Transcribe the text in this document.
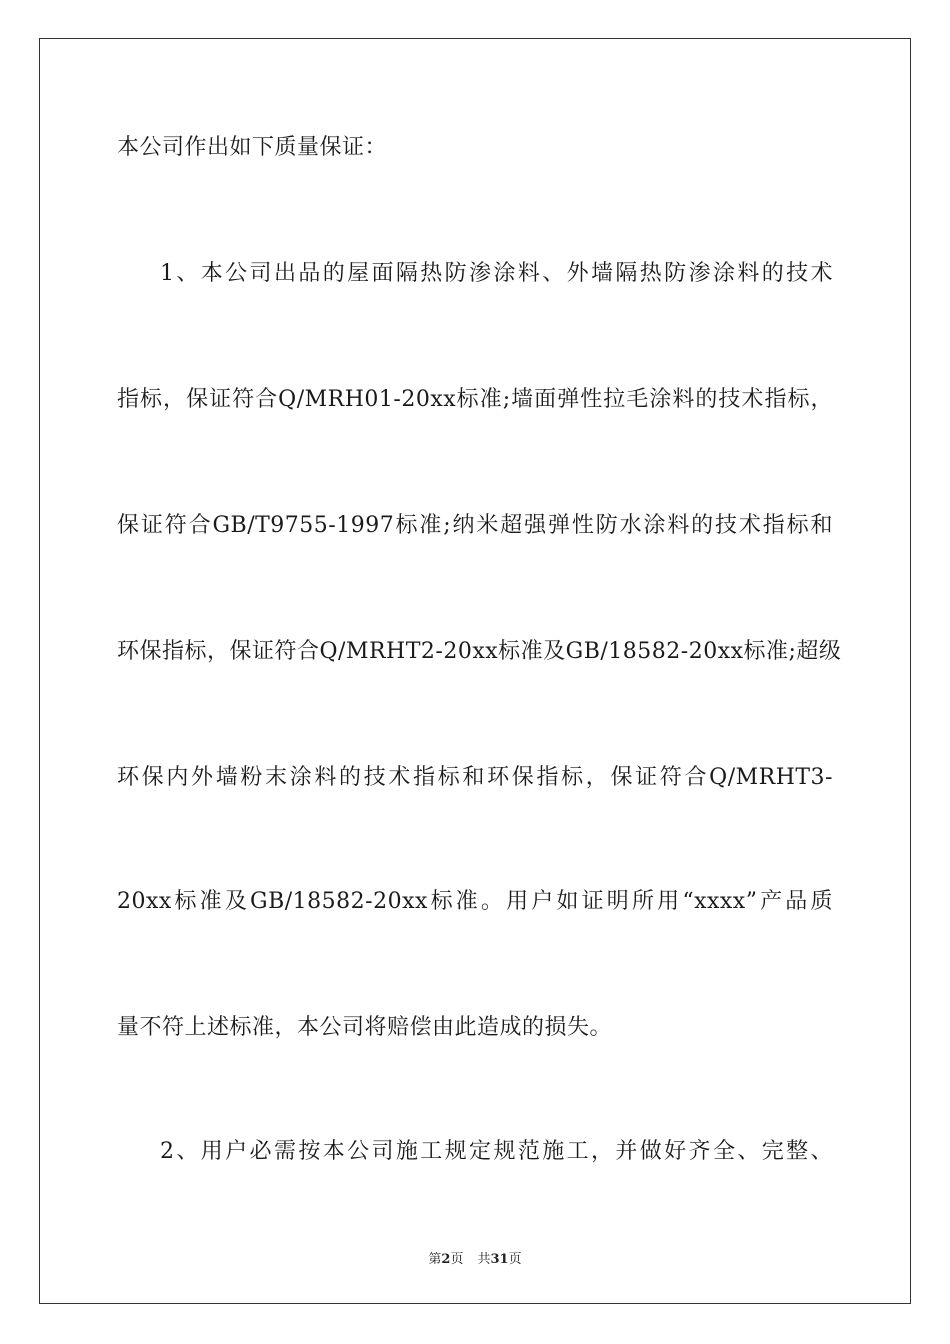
本公司作出如下质量保证：
1、本公司出品的屋面隔热防渗涂料、外墙隔热防渗涂料的技术
指标，保证符合Q/MRH01-20xx标准;墙面弹性拉毛涂料的技术指标，
保证符合GB/T9755-1997标准;纳米超强弹性防水涂料的技术指标和
环保指标，保证符合Q/MRHT2-20xx标准及GB/18582-20xx标准;超级
环保内外墙粉末涂料的技术指标和环保指标，保证符合Q/MRHT3-
20xx标准及GB/18582-20xx标准。用户如证明所用“xxxx”产品质
量不符上述标准，本公司将赔偿由此造成的损失。
2、用户必需按本公司施工规定规范施工，并做好齐全、完整、
第2页 共31页
